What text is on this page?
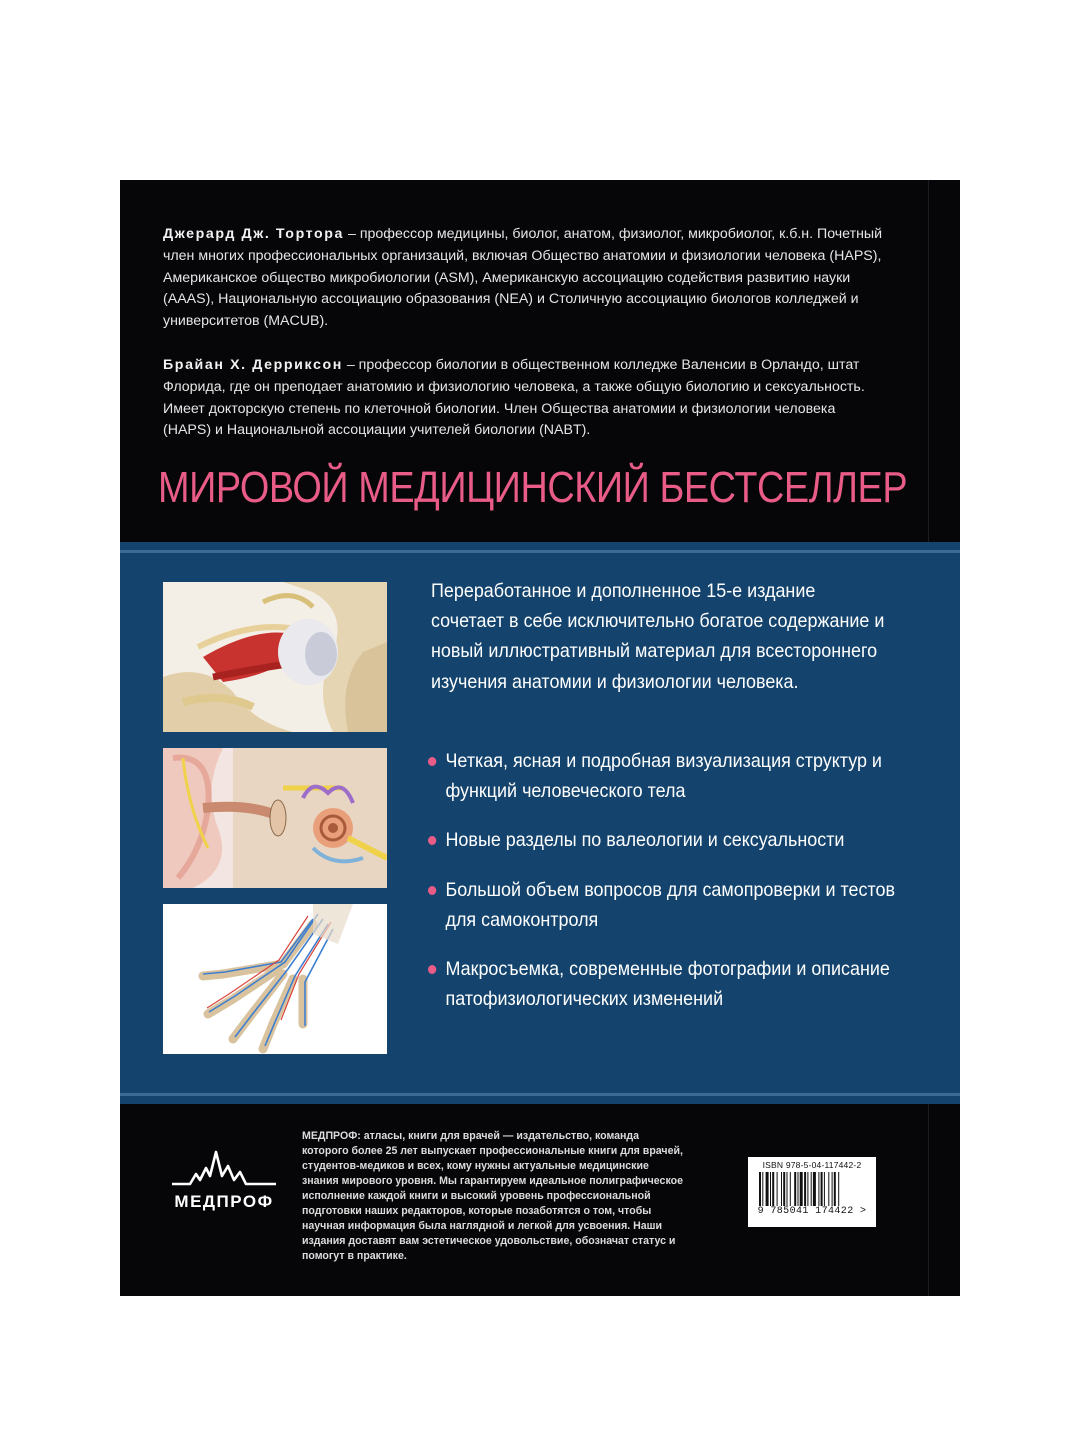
Джерард Дж. Тортора – профессор медицины, биолог, анатом, физиолог, микробиолог, к.б.н. Почетный член многих профессиональных организаций, включая Общество анатомии и физиологии человека (HAPS), Американское общество микробиологии (ASM), Американскую ассоциацию содействия развитию науки (AAAS), Национальную ассоциацию образования (NEA) и Столичную ассоциацию биологов колледжей и университетов (MACUB).

Брайан Х. Дерриксон – профессор биологии в общественном колледже Валенсии в Орландо, штат Флорида, где он преподает анатомию и физиологию человека, а также общую биологию и сексуальность. Имеет докторскую степень по клеточной биологии. Член Общества анатомии и физиологии человека (HAPS) и Национальной ассоциации учителей биологии (NABT).

МИРОВОЙ МЕДИЦИНСКИЙ БЕСТСЕЛЛЕР
Переработанное и дополненное 15-е издание сочетает в себе исключительно богатое содержание и новый иллюстративный материал для всестороннего изучения анатомии и физиологии человека.
Четкая, ясная и подробная визуализация структур и функций человеческого тела
Новые разделы по валеологии и сексуальности
Большой объем вопросов для самопроверки и тестов для самоконтроля
Макросъемка, современные фотографии и описание патофизиологических изменений
МЕДПРОФ
МЕДПРОФ: атласы, книги для врачей — издательство, команда которого более 25 лет выпускает профессиональные книги для врачей, студентов-медиков и всех, кому нужны актуальные медицинские знания мирового уровня. Мы гарантируем идеальное полиграфическое исполнение каждой книги и высокий уровень профессиональной подготовки наших редакторов, которые позаботятся о том, чтобы научная информация была наглядной и легкой для усвоения. Наши издания доставят вам эстетическое удовольствие, обозначат статус и помогут в практике.
ISBN 978-5-04-117442-2
9 785041 174422 >
